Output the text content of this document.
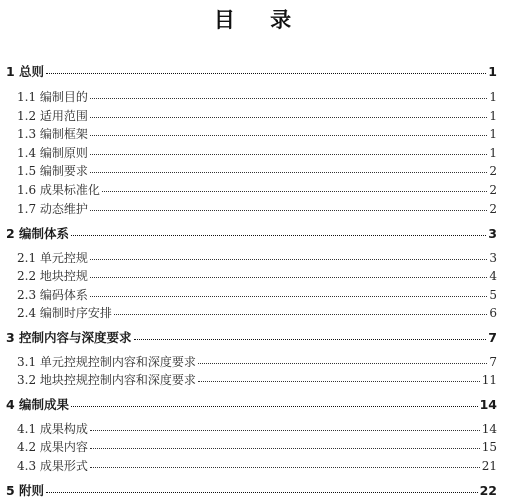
目 录
1 总则	1
1.1 编制目的	1
1.2 适用范围	1
1.3 编制框架	1
1.4 编制原则	1
1.5 编制要求	2
1.6 成果标准化	2
1.7 动态维护	2
2 编制体系	3
2.1 单元控规	3
2.2 地块控规	4
2.3 编码体系	5
2.4 编制时序安排	6
3 控制内容与深度要求	7
3.1 单元控规控制内容和深度要求	7
3.2 地块控规控制内容和深度要求	11
4 编制成果	14
4.1 成果构成	14
4.2 成果内容	15
4.3 成果形式	21
5 附则	22
